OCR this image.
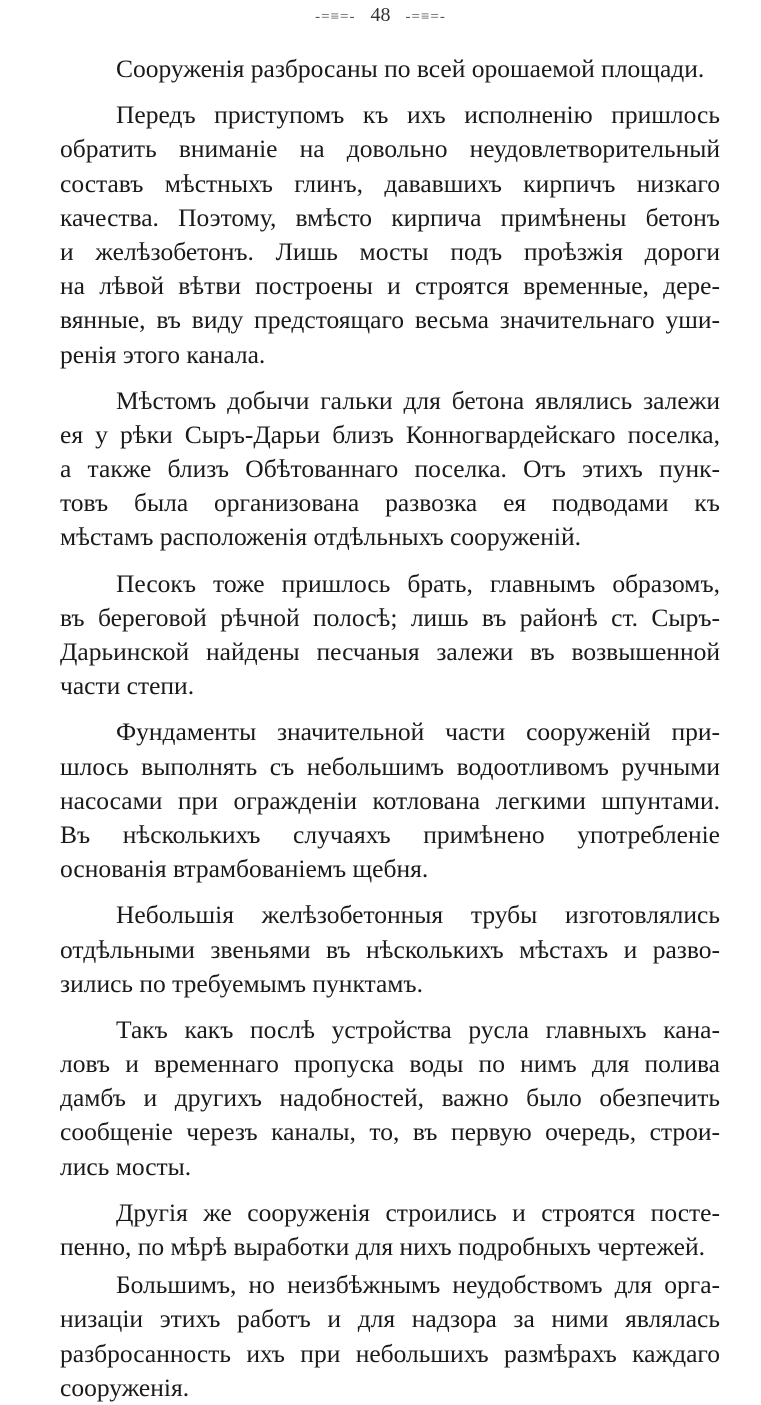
-=≡=- 48 -=≡=-
Сооруженія разбросаны по всей орошаемой площади.
Передъ приступомъ къ ихъ исполненію пришлось
обратить вниманіе на довольно неудовлетворительный
составъ мѣстныхъ глинъ, дававшихъ кирпичъ низкаго
качества. Поэтому, вмѣсто кирпича примѣнены бетонъ
и желѣзобетонъ. Лишь мосты подъ проѣзжія дороги
на лѣвой вѣтви построены и строятся временные, дере-
вянные, въ виду предстоящаго весьма значительнаго уши-
ренія этого канала.
Мѣстомъ добычи гальки для бетона являлись залежи
ея у рѣки Сыръ-Дарьи близъ Конногвардейскаго поселка,
а также близъ Обѣтованнаго поселка. Отъ этихъ пунк-
товъ была организована развозка ея подводами къ
мѣстамъ расположенія отдѣльныхъ сооруженій.
Песокъ тоже пришлось брать, главнымъ образомъ,
въ береговой рѣчной полосѣ; лишь въ районѣ ст. Сыръ-
Дарьинской найдены песчаныя залежи въ возвышенной
части степи.
Фундаменты значительной части сооруженій при-
шлось выполнять съ небольшимъ водоотливомъ ручными
насосами при огражденіи котлована легкими шпунтами.
Въ нѣсколькихъ случаяхъ примѣнено употребленіе
основанія втрамбованіемъ щебня.
Небольшія желѣзобетонныя трубы изготовлялись
отдѣльными звеньями въ нѣсколькихъ мѣстахъ и разво-
зились по требуемымъ пунктамъ.
Такъ какъ послѣ устройства русла главныхъ кана-
ловъ и временнаго пропуска воды по нимъ для полива
дамбъ и другихъ надобностей, важно было обезпечить
сообщеніе черезъ каналы, то, въ первую очередь, строи-
лись мосты.
Другія же сооруженія строились и строятся посте-
пенно, по мѣрѣ выработки для нихъ подробныхъ чертежей.
Большимъ, но неизбѣжнымъ неудобствомъ для орга-
низаціи этихъ работъ и для надзора за ними являлась
разбросанность ихъ при небольшихъ размѣрахъ каждаго
сооруженія.
